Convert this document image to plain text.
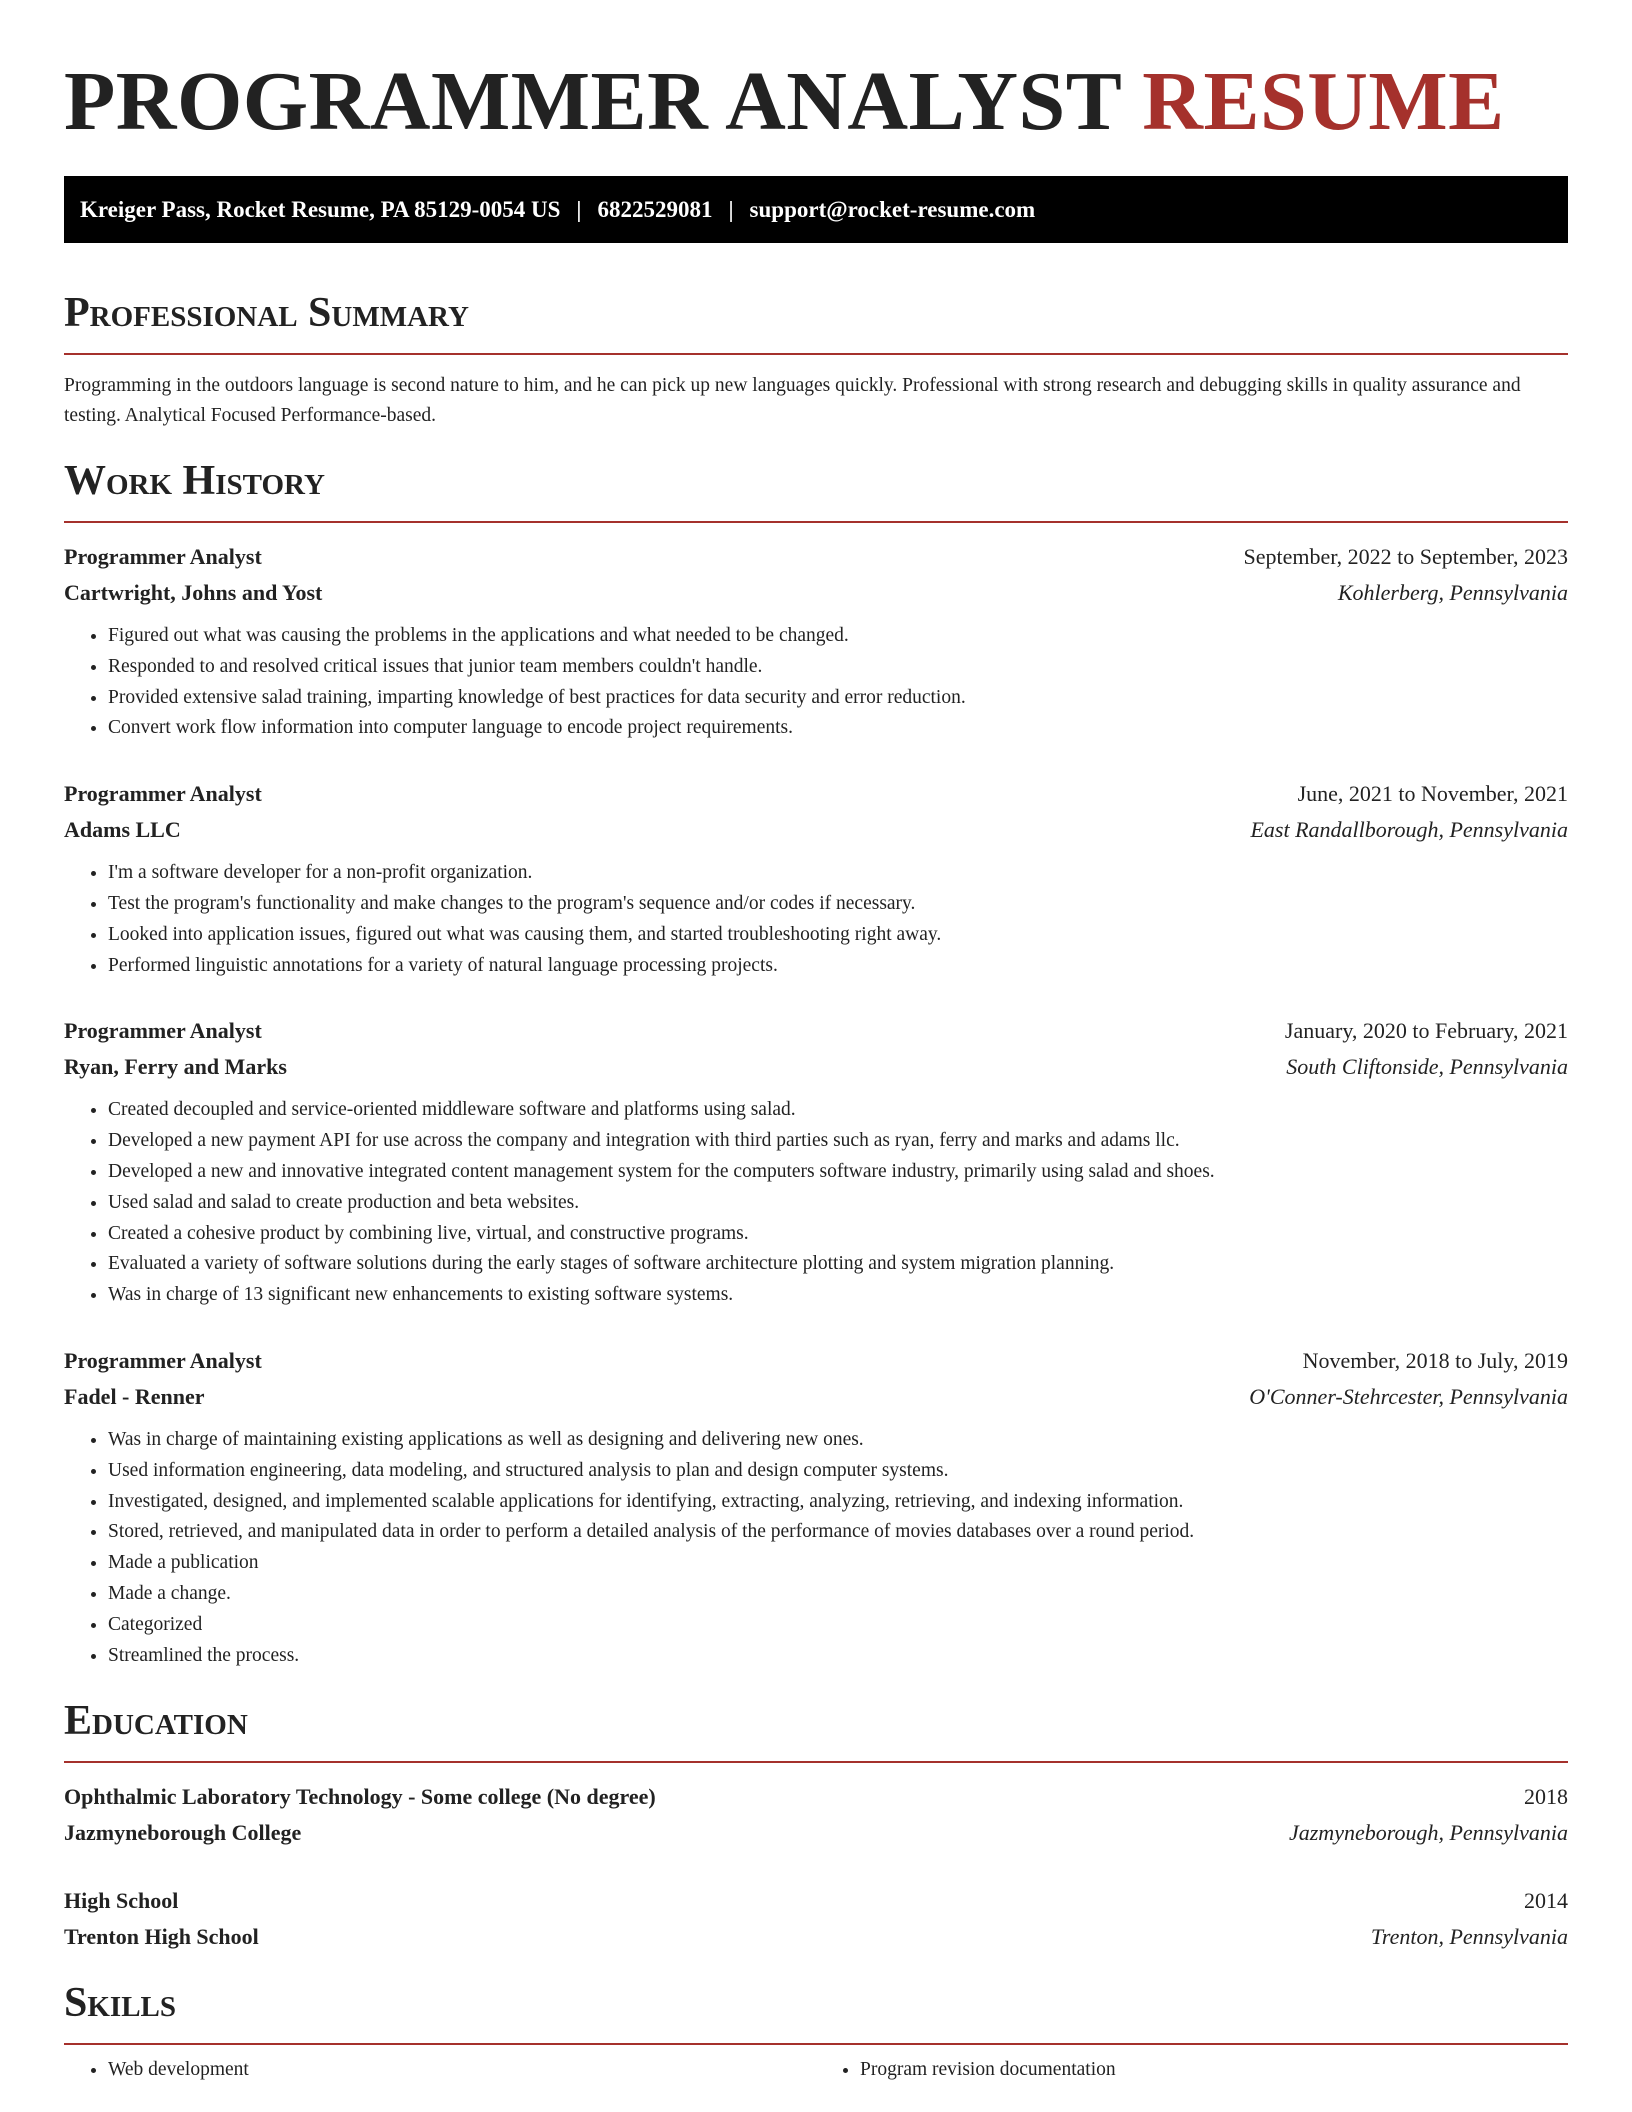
PROGRAMMER ANALYST RESUME
Kreiger Pass, Rocket Resume, PA 85129-0054 US | 6822529081 | support@rocket-resume.com
Professional Summary

Programming in the outdoors language is second nature to him, and he can pick up new languages quickly. Professional with strong research and debugging skills in quality assurance and testing. Analytical Focused Performance-based.

Work History
Programmer Analyst	September, 2022 to September, 2023
Cartwright, Johns and Yost	Kohlerberg, Pennsylvania
• Figured out what was causing the problems in the applications and what needed to be changed.
• Responded to and resolved critical issues that junior team members couldn't handle.
• Provided extensive salad training, imparting knowledge of best practices for data security and error reduction.
• Convert work flow information into computer language to encode project requirements.
Programmer Analyst	June, 2021 to November, 2021
Adams LLC	East Randallborough, Pennsylvania
• I'm a software developer for a non-profit organization.
• Test the program's functionality and make changes to the program's sequence and/or codes if necessary.
• Looked into application issues, figured out what was causing them, and started troubleshooting right away.
• Performed linguistic annotations for a variety of natural language processing projects.
Programmer Analyst	January, 2020 to February, 2021
Ryan, Ferry and Marks	South Cliftonside, Pennsylvania
• Created decoupled and service-oriented middleware software and platforms using salad.
• Developed a new payment API for use across the company and integration with third parties such as ryan, ferry and marks and adams llc.
• Developed a new and innovative integrated content management system for the computers software industry, primarily using salad and shoes.
• Used salad and salad to create production and beta websites.
• Created a cohesive product by combining live, virtual, and constructive programs.
• Evaluated a variety of software solutions during the early stages of software architecture plotting and system migration planning.
• Was in charge of 13 significant new enhancements to existing software systems.
Programmer Analyst	November, 2018 to July, 2019
Fadel - Renner	O'Conner-Stehrcester, Pennsylvania
• Was in charge of maintaining existing applications as well as designing and delivering new ones.
• Used information engineering, data modeling, and structured analysis to plan and design computer systems.
• Investigated, designed, and implemented scalable applications for identifying, extracting, analyzing, retrieving, and indexing information.
• Stored, retrieved, and manipulated data in order to perform a detailed analysis of the performance of movies databases over a round period.
• Made a publication
• Made a change.
• Categorized
• Streamlined the process.
Education
Ophthalmic Laboratory Technology - Some college (No degree)	2018
Jazmyneborough College	Jazmyneborough, Pennsylvania
High School	2014
Trenton High School	Trenton, Pennsylvania
Skills
• Web development
•	Program revision documentation
